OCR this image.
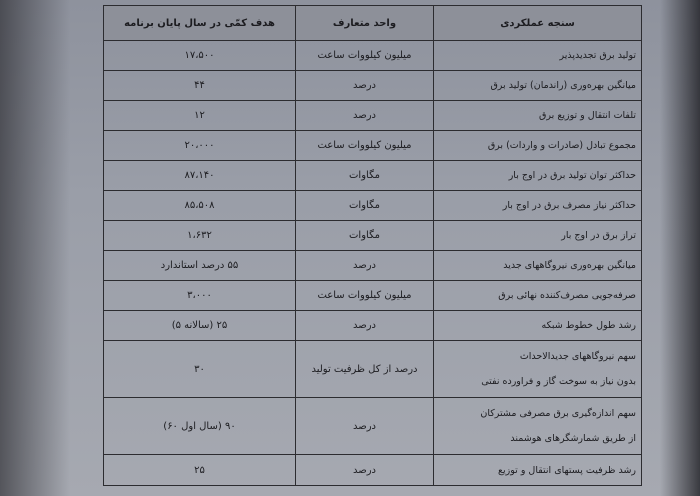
سنجه عملکردی	واحد متعارف	هدف کمّی در سال پایان برنامه
تولید برق تجدیدپذیر	میلیون کیلووات ساعت	۱۷،۵۰۰
میانگین بهره‌وری (راندمان) تولید برق	درصد	۴۴
تلفات انتقال و توزیع برق	درصد	۱۲
مجموع تبادل (صادرات و واردات) برق	میلیون کیلووات ساعت	۲۰،۰۰۰
حداکثر توان تولید برق در اوج بار	مگاوات	۸۷،۱۴۰
حداکثر نیاز مصرف برق در اوج بار	مگاوات	۸۵،۵۰۸
تراز برق در اوج بار	مگاوات	۱،۶۳۲
میانگین بهره‌وری نیروگاههای جدید	درصد	۵۵ درصد استاندارد
صرفه‌جویی مصرف‌کننده نهائی برق	میلیون کیلووات ساعت	۳،۰۰۰
رشد طول خطوط شبکه	درصد	۲۵ (سالانه ۵)

سهم نیروگاههای جدیدالاحداث
بدون نیاز به سوخت گاز و فراورده نفتی	درصد از کل ظرفیت تولید	۳۰

سهم اندازه‌گیری برق مصرفی مشترکان
از طریق شمارشگرهای هوشمند	درصد	۹۰ (سال اول ۶۰)
رشد ظرفیت پستهای انتقال و توزیع	درصد	۲۵
